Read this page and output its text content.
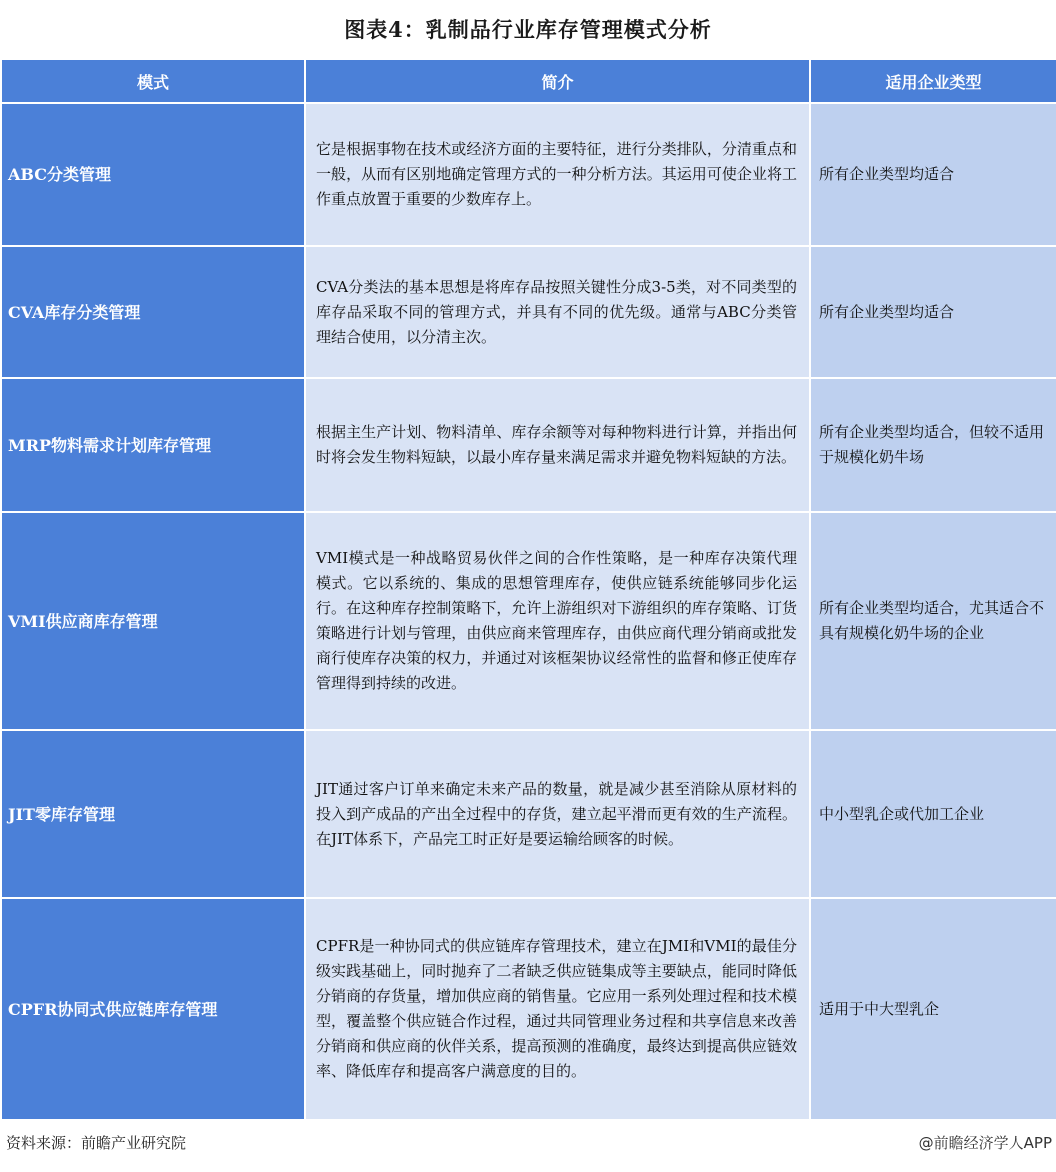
图表4：乳制品行业库存管理模式分析
模式	简介	适用企业类型
ABC分类管理	它是根据事物在技术或经济方面的主要特征，进行分类排队，分清重点和一般，从而有区别地确定管理方式的一种分析方法。其运用可使企业将工作重点放置于重要的少数库存上。	所有企业类型均适合
CVA库存分类管理	CVA分类法的基本思想是将库存品按照关键性分成3-5类，对不同类型的库存品采取不同的管理方式，并具有不同的优先级。通常与ABC分类管理结合使用，以分清主次。	所有企业类型均适合
MRP物料需求计划库存管理	根据主生产计划、物料清单、库存余额等对每种物料进行计算，并指出何时将会发生物料短缺，以最小库存量来满足需求并避免物料短缺的方法。	所有企业类型均适合，但较不适用于规模化奶牛场
VMI供应商库存管理	VMI模式是一种战略贸易伙伴之间的合作性策略，是一种库存决策代理模式。它以系统的、集成的思想管理库存，使供应链系统能够同步化运行。在这种库存控制策略下，允许上游组织对下游组织的库存策略、订货策略进行计划与管理，由供应商来管理库存，由供应商代理分销商或批发商行使库存决策的权力，并通过对该框架协议经常性的监督和修正使库存管理得到持续的改进。	所有企业类型均适合，尤其适合不具有规模化奶牛场的企业
JIT零库存管理	JIT通过客户订单来确定未来产品的数量，就是减少甚至消除从原材料的投入到产成品的产出全过程中的存货，建立起平滑而更有效的生产流程。在JIT体系下，产品完工时正好是要运输给顾客的时候。	中小型乳企或代加工企业
CPFR协同式供应链库存管理	CPFR是一种协同式的供应链库存管理技术，建立在JMI和VMI的最佳分级实践基础上，同时抛弃了二者缺乏供应链集成等主要缺点，能同时降低分销商的存货量，增加供应商的销售量。它应用一系列处理过程和技术模型，覆盖整个供应链合作过程，通过共同管理业务过程和共享信息来改善分销商和供应商的伙伴关系，提高预测的准确度，最终达到提高供应链效率、降低库存和提高客户满意度的目的。	适用于中大型乳企
资料来源：前瞻产业研究院	@前瞻经济学人APP
